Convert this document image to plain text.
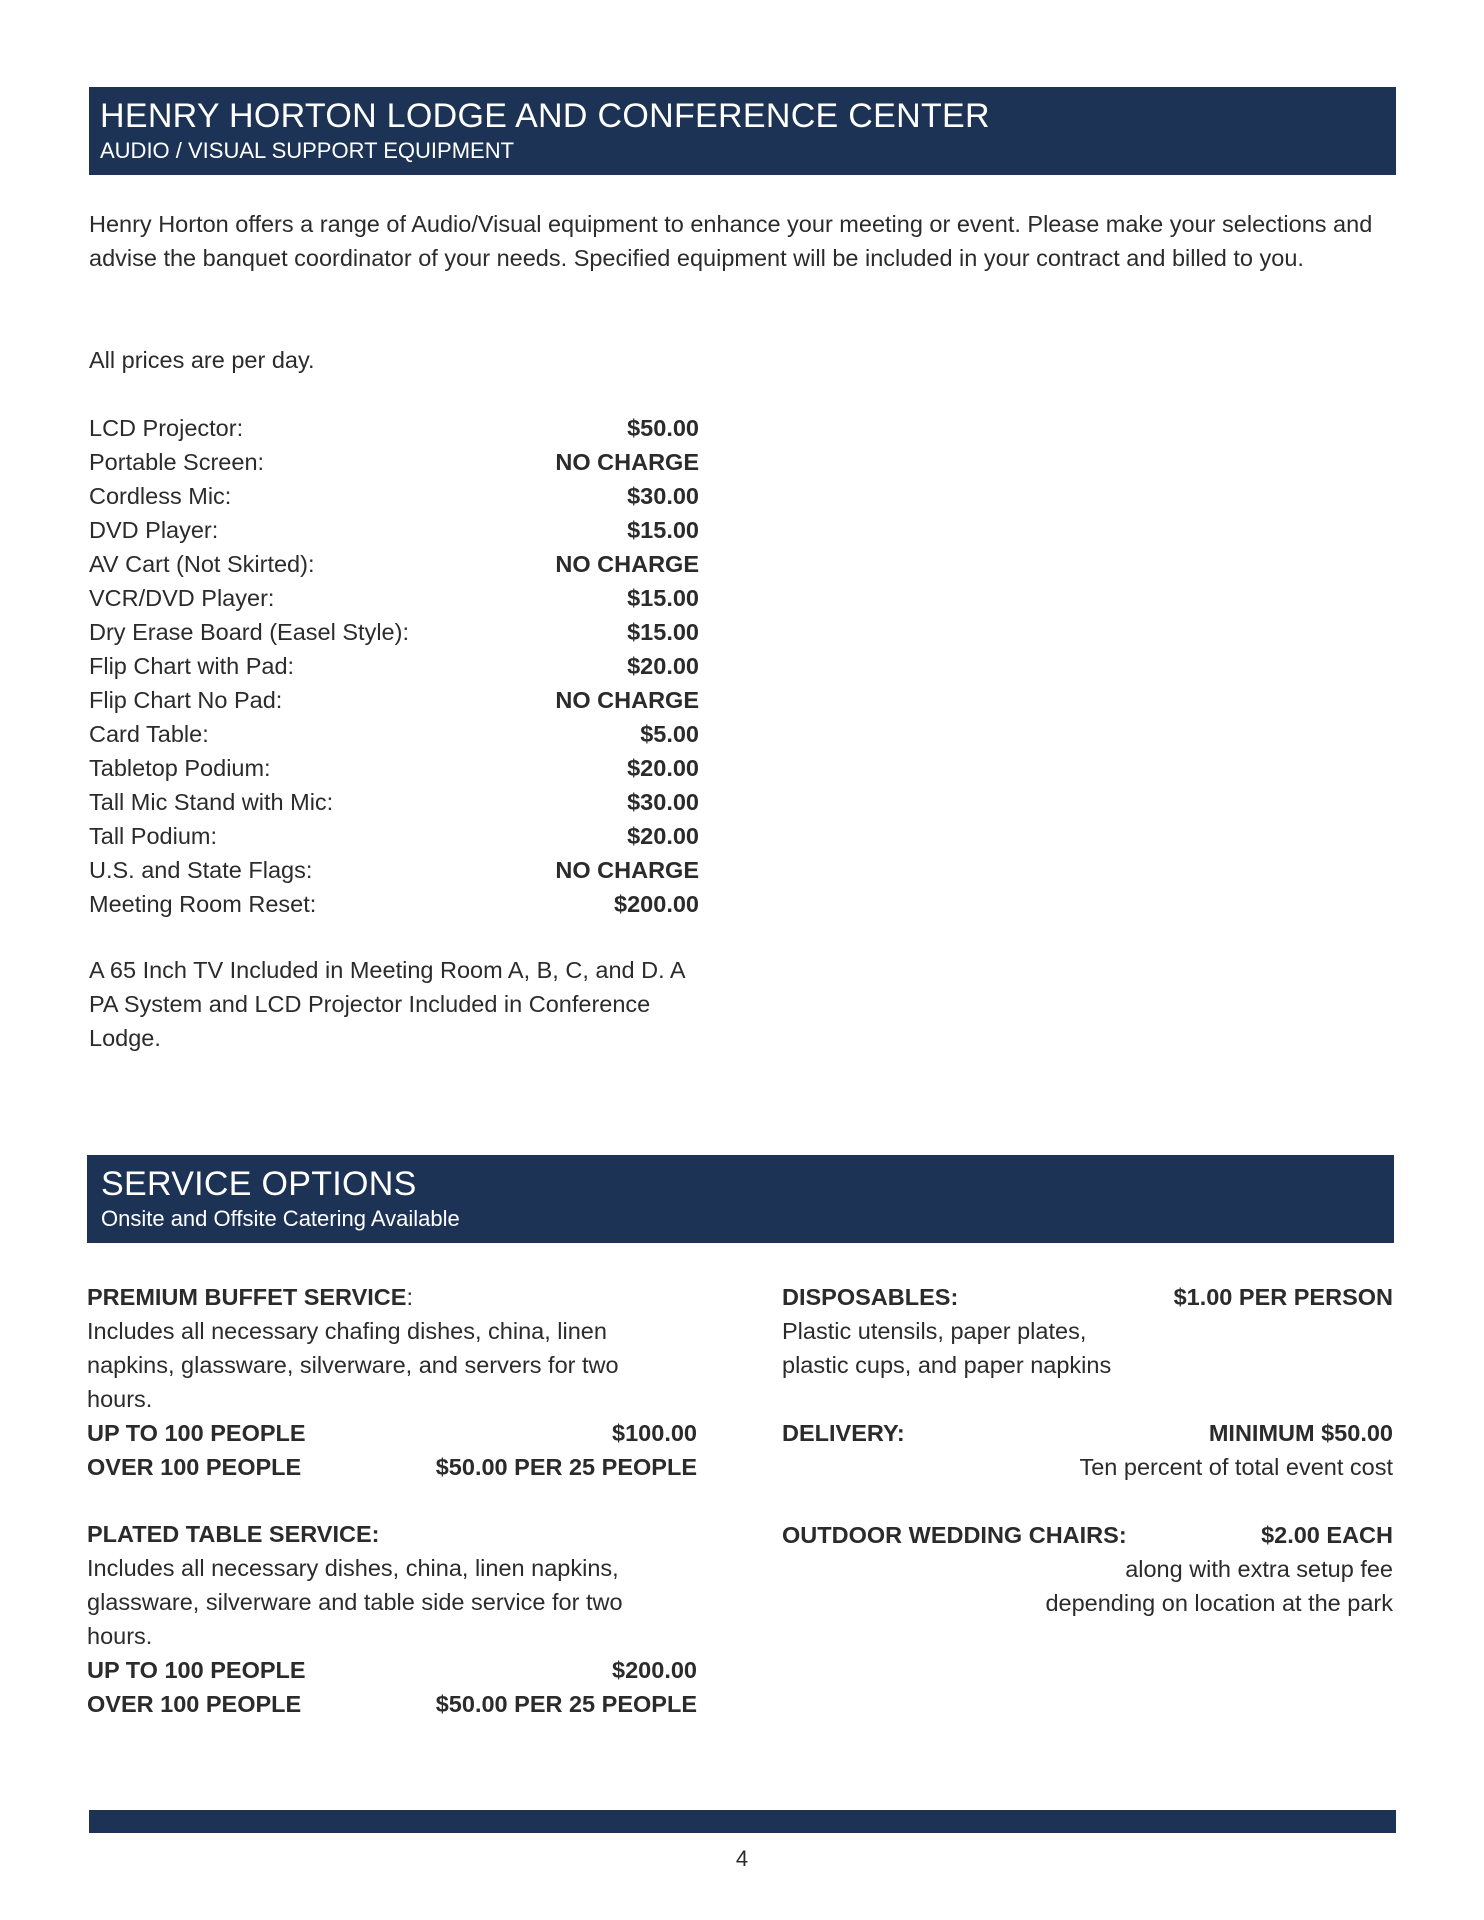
HENRY HORTON LODGE AND CONFERENCE CENTER
AUDIO / VISUAL SUPPORT EQUIPMENT
Henry Horton offers a range of Audio/Visual equipment to enhance your meeting or event. Please make your selections and advise the banquet coordinator of your needs. Specified equipment will be included in your contract and billed to you.
All prices are per day.
LCD Projector:	$50.00
Portable Screen:	NO CHARGE
Cordless Mic:	$30.00
DVD Player:	$15.00
AV Cart (Not Skirted):	NO CHARGE
VCR/DVD Player:	$15.00
Dry Erase Board (Easel Style):	$15.00
Flip Chart with Pad:	$20.00
Flip Chart No Pad:	NO CHARGE
Card Table:	$5.00
Tabletop Podium:	$20.00
Tall Mic Stand with Mic:	$30.00
Tall Podium:	$20.00
U.S. and State Flags:	NO CHARGE
Meeting Room Reset:	$200.00
A 65 Inch TV Included in Meeting Room A, B, C, and D. A PA System and LCD Projector Included in Conference Lodge.
SERVICE OPTIONS
Onsite and Offsite Catering Available
PREMIUM BUFFET SERVICE:
Includes all necessary chafing dishes, china, linen napkins, glassware, silverware, and servers for two hours.
UP TO 100 PEOPLE	$100.00
OVER 100 PEOPLE	$50.00 PER 25 PEOPLE
PLATED TABLE SERVICE:
Includes all necessary dishes, china, linen napkins, glassware, silverware and table side service for two hours.
UP TO 100 PEOPLE	$200.00
OVER 100 PEOPLE	$50.00 PER 25 PEOPLE
DISPOSABLES:	$1.00 PER PERSON
Plastic utensils, paper plates,
plastic cups, and paper napkins
DELIVERY:	MINIMUM $50.00
Ten percent of total event cost
OUTDOOR WEDDING CHAIRS:	$2.00 EACH
along with extra setup fee
depending on location at the park
4
